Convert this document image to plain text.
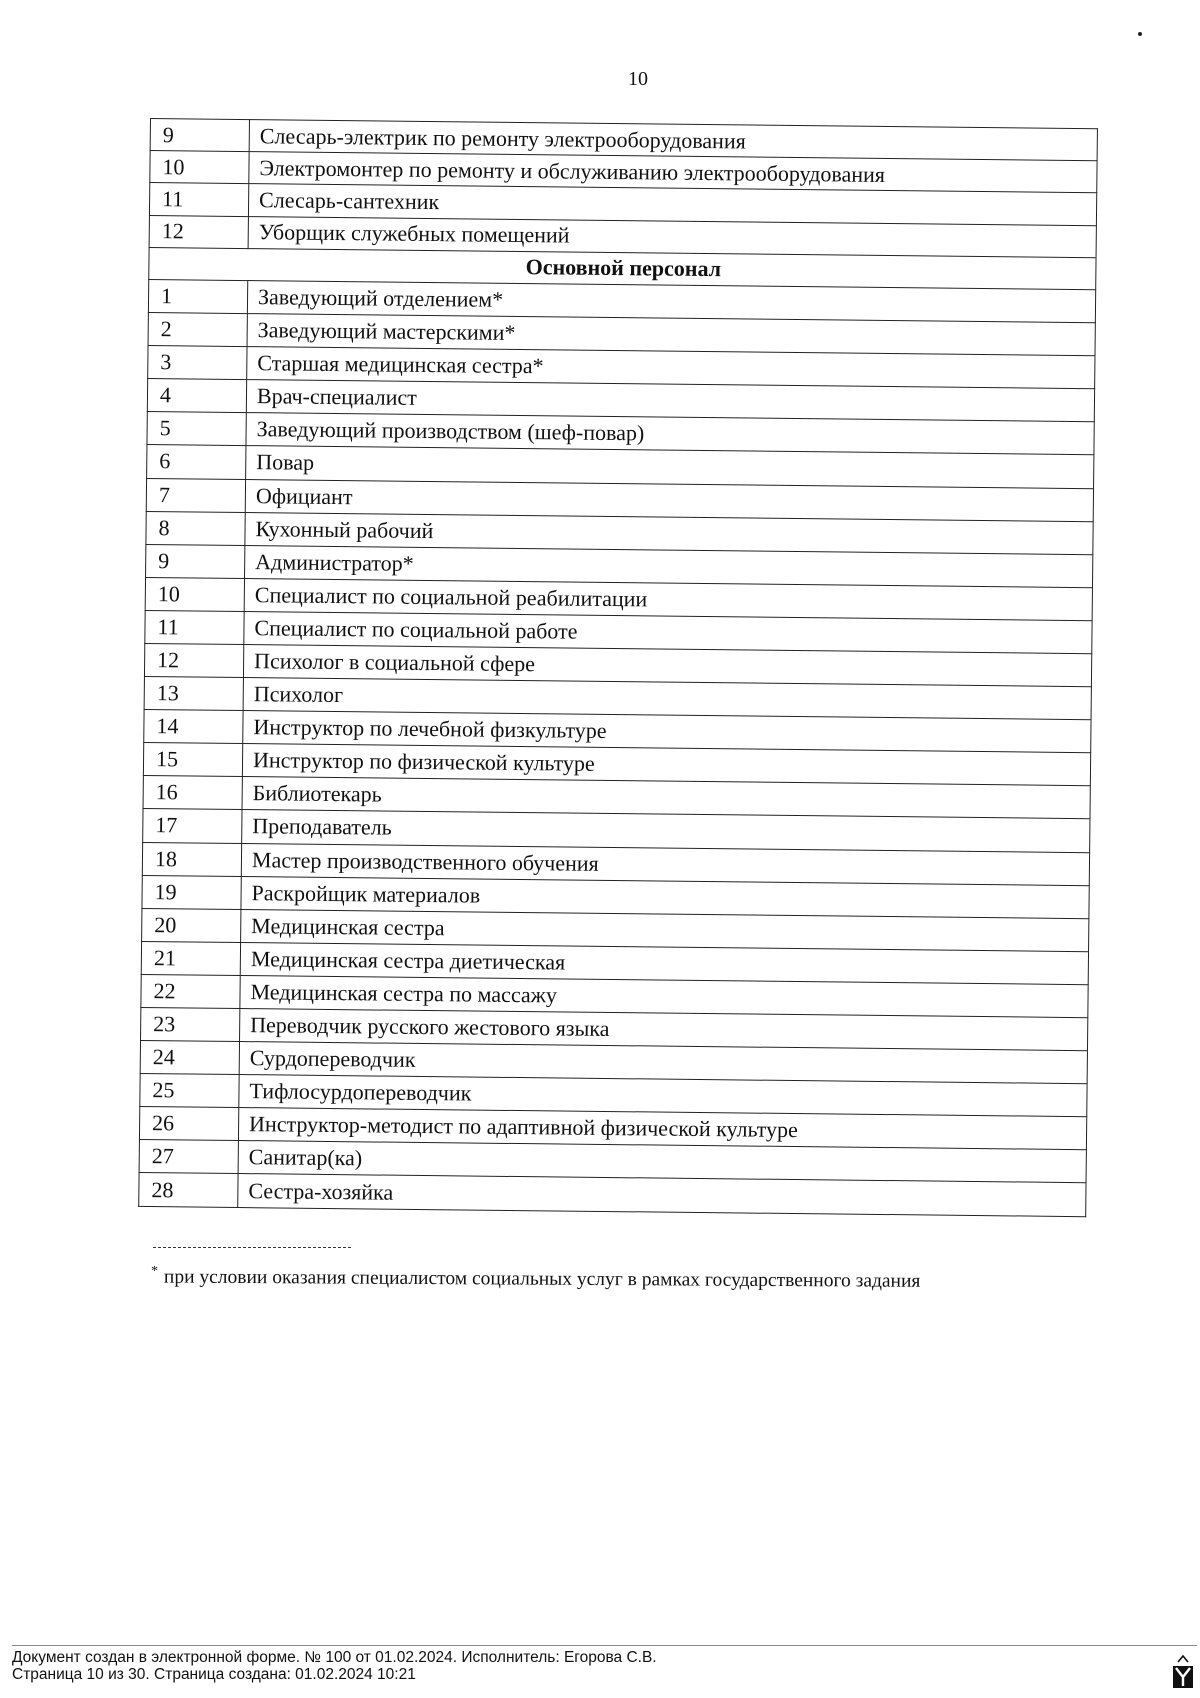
10
9	Слесарь-электрик по ремонту электрооборудования
10	Электромонтер по ремонту и обслуживанию электрооборудования
11	Слесарь-сантехник
12	Уборщик служебных помещений
Основной персонал	
1	Заведующий отделением*
2	Заведующий мастерскими*
3	Старшая медицинская сестра*
4	Врач-специалист
5	Заведующий производством (шеф-повар)
6	Повар
7	Официант
8	Кухонный рабочий
9	Администратор*
10	Специалист по социальной реабилитации
11	Специалист по социальной работе
12	Психолог в социальной сфере
13	Психолог
14	Инструктор по лечебной физкультуре
15	Инструктор по физической культуре
16	Библиотекарь
17	Преподаватель
18	Мастер производственного обучения
19	Раскройщик материалов
20	Медицинская сестра
21	Медицинская сестра диетическая
22	Медицинская сестра по массажу
23	Переводчик русского жестового языка
24	Сурдопереводчик
25	Тифлосурдопереводчик
26	Инструктор-методист по адаптивной физической культуре
27	Санитар(ка)
28	Сестра-хозяйка
* при условии оказания специалистом социальных услуг в рамках государственного задания
Документ создан в электронной форме. № 100 от 01.02.2024. Исполнитель: Егорова С.В.
Страница 10 из 30. Страница создана: 01.02.2024 10:21
